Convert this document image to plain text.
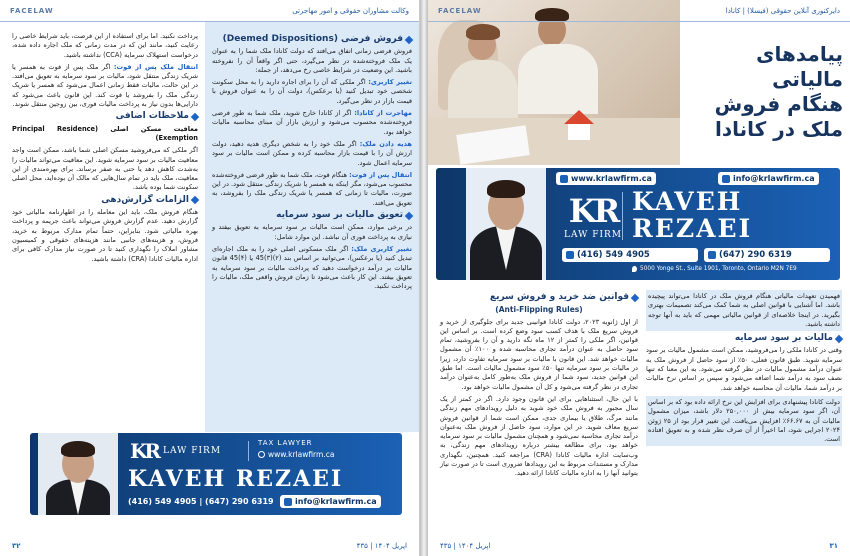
FACELAW	وکالت مشاوران حقوقی و امور مهاجرتی
فروش فرضی (Deemed Dispositions)

فروش فرضی زمانی اتفاق می‌افتد که دولت کانادا ملک شما را به عنوان یک ملک فروخته‌شده در نظر می‌گیرد، حتی اگر واقعاً آن را نفروخته باشید. این وضعیت در شرایط خاصی رخ می‌دهد، از جمله:

تغییر کاربری: اگر ملکی که آن را برای اجاره دارید را به محل سکونت شخصی خود تبدیل کنید (یا برعکس)، دولت آن را به عنوان فروش با قیمت بازار در نظر می‌گیرد.

مهاجرت از کانادا: اگر از کانادا خارج شوید، ملک شما به طور فرضی فروخته‌شده محسوب می‌شود و ارزش بازار آن مبنای محاسبه مالیات خواهد بود.

هدیه دادن ملک: اگر ملک خود را به شخص دیگری هدیه دهید، دولت ارزش آن را با قیمت بازار محاسبه کرده و ممکن است مالیات بر سود سرمایه اعمال شود.

انتقال پس از فوت: هنگام فوت، ملک شما به طور فرضی فروخته‌شده محسوب می‌شود، مگر اینکه به همسر یا شریک زندگی منتقل شود. در این صورت، مالیات تا زمانی که همسر یا شریک زندگی ملک را بفروشد، به تعویق می‌افتد.

تعویق مالیات بر سود سرمایه

در برخی موارد، ممکن است مالیات بر سود سرمایه به تعویق بیفتد و نیازی به پرداخت فوری آن نباشد. این موارد شامل:

تغییر کاربری ملک: اگر ملک مسکونی اصلی خود را به ملک اجاره‌ای تبدیل کنید (یا برعکس)، می‌توانید بر اساس بند (۲)(۳)45 یا (۴)45 قانون مالیات بر درآمد درخواست دهید که پرداخت مالیات بر سود سرمایه به تعویق بیفتد. این کار باعث می‌شود تا زمان فروش واقعی ملک، مالیات را پرداخت نکنید.

پرداخت نکنید. اما برای استفاده از این فرصت، باید شرایط خاصی را رعایت کنید، مانند این که در مدت زمانی که ملک اجاره داده شده، درخواست استهلاک سرمایه (CCA) نداشته باشید.

انتقال ملک پس از فوت: اگر ملک پس از فوت به همسر یا شریک زندگی منتقل شود، مالیات بر سود سرمایه به تعویق می‌افتد. در این حالت، مالیات فقط زمانی اعمال می‌شود که همسر یا شریک زندگی ملک را بفروشد یا فوت کند. این قانون باعث می‌شود که دارایی‌ها بدون نیاز به پرداخت مالیات فوری، بین زوجین منتقل شوند.

ملاحظات اضافی

معافیت مسکن اصلی (Principal Residence Exemption)

اگر ملکی که می‌فروشید مسکن اصلی شما باشد، ممکن است واجد معافیت مالیات بر سود سرمایه شوید. این معافیت می‌تواند مالیات را به‌شدت کاهش دهد یا حتی به صفر برساند. برای بهره‌مندی از این معافیت، ملک باید در تمام سال‌هایی که مالک آن بوده‌اید، محل اصلی سکونت شما بوده باشد.

الزامات گزارش‌دهی

هنگام فروش ملک، باید این معامله را در اظهارنامه مالیاتی خود گزارش دهید. عدم گزارش فروش می‌تواند باعث جریمه و پرداخت بهره مالیاتی شود. بنابراین، حتماً تمام مدارک مربوط به خرید، فروش، و هزینه‌های جانبی مانند هزینه‌های حقوقی و کمیسیون مشاور املاک را نگهداری کنید تا در صورت نیاز مدارک کافی برای اداره مالیات کانادا (CRA) داشته باشید.

KR LAW FIRM
TAX LAWYER
www.krlawfirm.ca
KAVEH REZAEI
(416) 549 4905 | (647) 290 6319	info@krlawfirm.ca
۳۲	اپریل ۱۴۰۴ | ۴۳۵
FACELAW	دایرکتوری آنلاین حقوقی (فیسلا) | کانادا
پیامدهای
مالیاتی
هنگام فروش
ملک در کانادا
www.krlawfirm.ca	info@krlawfirm.ca
KR
LAW FIRM
KAVEH
REZAEI
(416) 549 4905	(647) 290 6319
5000 Yonge St., Suite 1901, Toronto, Ontario M2N 7E9

فهمیدن تعهدات مالیاتی هنگام فروش ملک در کانادا می‌تواند پیچیده باشد. اما آشنایی با قوانین اصلی به شما کمک می‌کند تصمیمات بهتری بگیرید. در اینجا خلاصه‌ای از قوانین مالیاتی مهمی که باید به آنها توجه داشته باشید.

مالیات بر سود سرمایه

وقتی در کانادا ملکی را می‌فروشید، ممکن است مشمول مالیات بر سود سرمایه شوید. طبق قانون فعلی، ۵۰٪ از سود حاصل از فروش ملک به عنوان درآمد مشمول مالیات در نظر گرفته می‌شود. به این معنا که تنها نصف سود به درآمد شما اضافه می‌شود و سپس بر اساس نرخ مالیات بر درآمد شما، مالیات آن محاسبه خواهد شد.

دولت کانادا پیشنهادی برای افزایش این نرخ ارائه داده بود که بر اساس آن، اگر سود سرمایه بیش از ۲۵۰,۰۰۰ دلار باشد، میزان مشمول مالیات آن به ۶۶.۶۷٪ افزایش می‌یافت. این تغییر قرار بود از ۲۵ ژوئن ۲۰۲۴ اجرایی شود، اما اخیراً از آن صرف نظر شده و به تعویق افتاده است.

قوانین ضد خرید و فروش سریع

(Anti-Flipping Rules)

از اول ژانویه ۲۰۲۳، دولت کانادا قوانینی جدید برای جلوگیری از خرید و فروش سریع ملک با هدف کسب سود وضع کرده است. بر اساس این قوانین، اگر ملکی را کمتر از ۱۲ ماه نگه دارید و آن را بفروشید، تمام سود حاصل به عنوان درآمد تجاری محاسبه شده و ۱۰۰٪ آن مشمول مالیات خواهد شد. این قانون با مالیات بر سود سرمایه تفاوت دارد، زیرا در مالیات بر سود سرمایه تنها ۵۰٪ سود مشمول مالیات است. اما طبق این قوانین جدید، سود شما از فروش ملک به‌طور کامل به‌عنوان درآمد تجاری در نظر گرفته می‌شود و کل آن مشمول مالیات خواهد بود.

با این حال، استثناهایی برای این قانون وجود دارد. اگر در کمتر از یک سال مجبور به فروش ملک خود شوید به دلیل رویدادهای مهم زندگی مانند مرگ، طلاق یا بیماری جدی، ممکن است شما از قوانین فروش سریع معاف شوید. در این موارد، سود حاصل از فروش ملک به‌عنوان درآمد تجاری محاسبه نمی‌شود و همچنان مشمول مالیات بر سود سرمایه خواهد بود. برای مطالعه بیشتر درباره رویدادهای مهم زندگی، به وب‌سایت اداره مالیات کانادا (CRA) مراجعه کنید. همچنین، نگهداری مدارک و مستندات مربوط به این رویدادها ضروری است تا در صورت نیاز بتوانید آنها را به اداره مالیات کانادا ارائه دهید.

اپریل ۱۴۰۴ | ۴۳۵	۳۱
